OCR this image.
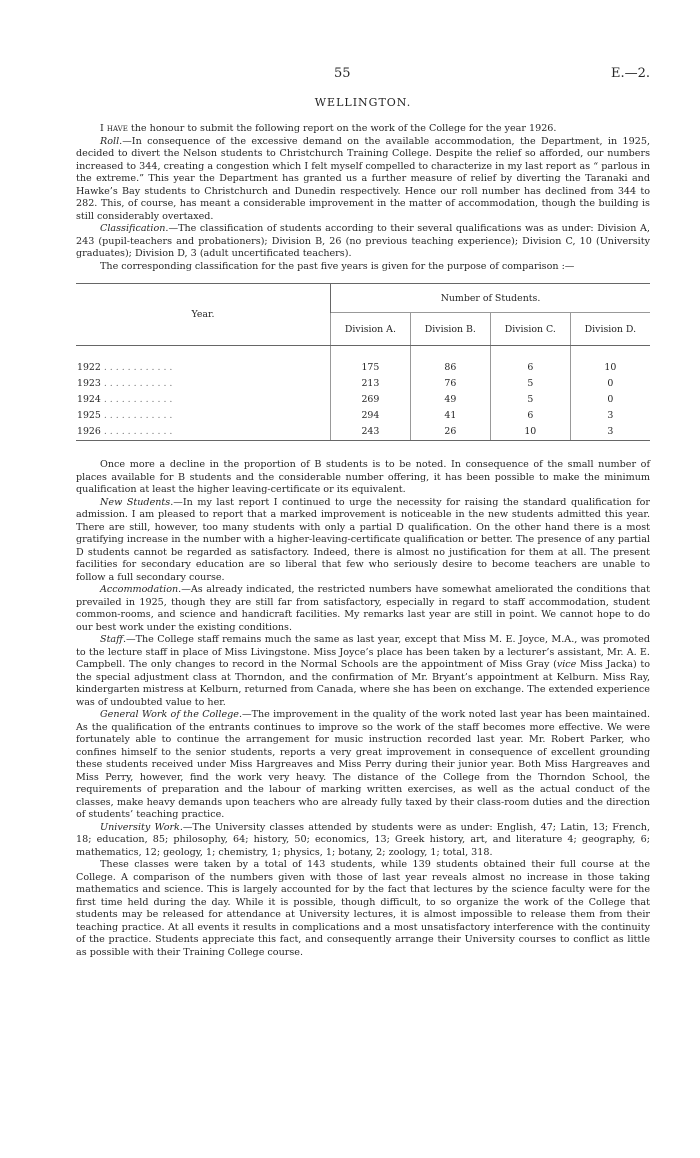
55	E.—2.
WELLINGTON.

I have the honour to submit the following report on the work of the College for the year 1926.

Roll.—In consequence of the excessive demand on the available accommodation, the Department, in 1925, decided to divert the Nelson students to Christchurch Training College. Despite the relief so afforded, our numbers increased to 344, creating a congestion which I felt myself compelled to characterize in my last report as “ parlous in the extreme.” This year the Department has granted us a further measure of relief by diverting the Taranaki and Hawke’s Bay students to Christchurch and Dunedin respectively. Hence our roll number has declined from 344 to 282. This, of course, has meant a considerable improvement in the matter of accommodation, though the building is still considerably overtaxed.

Classification.—The classification of students according to their several qualifications was as under: Division A, 243 (pupil-teachers and probationers); Division B, 26 (no previous teaching experience); Division C, 10 (University graduates); Division D, 3 (adult uncertificated teachers).

The corresponding classification for the past five years is given for the purpose of comparison :—

Year.	Number of Students.			
	Division A.	Division B.	Division C.	Division D.
1922 . . . . . . . . . . . .	175	86	6	10
1923 . . . . . . . . . . . .	213	76	5	0
1924 . . . . . . . . . . . .	269	49	5	0
1925 . . . . . . . . . . . .	294	41	6	3
1926 . . . . . . . . . . . .	243	26	10	3

Once more a decline in the proportion of B students is to be noted. In consequence of the small number of places available for B students and the considerable number offering, it has been possible to make the minimum qualification at least the higher leaving-certificate or its equivalent.

New Students.—In my last report I continued to urge the necessity for raising the standard qualification for admission. I am pleased to report that a marked improvement is noticeable in the new students admitted this year. There are still, however, too many students with only a partial D qualification. On the other hand there is a most gratifying increase in the number with a higher-leaving-certificate qualification or better. The presence of any partial D students cannot be regarded as satisfactory. Indeed, there is almost no justification for them at all. The present facilities for secondary education are so liberal that few who seriously desire to become teachers are unable to follow a full secondary course.

Accommodation.—As already indicated, the restricted numbers have somewhat ameliorated the conditions that prevailed in 1925, though they are still far from satisfactory, especially in regard to staff accommodation, student common-rooms, and science and handicraft facilities. My remarks last year are still in point. We cannot hope to do our best work under the existing conditions.

Staff.—The College staff remains much the same as last year, except that Miss M. E. Joyce, M.A., was promoted to the lecture staff in place of Miss Livingstone. Miss Joyce’s place has been taken by a lecturer’s assistant, Mr. A. E. Campbell. The only changes to record in the Normal Schools are the appointment of Miss Gray (vice Miss Jacka) to the special adjustment class at Thorndon, and the confirmation of Mr. Bryant’s appointment at Kelburn. Miss Ray, kindergarten mistress at Kelburn, returned from Canada, where she has been on exchange. The extended experience was of undoubted value to her.

General Work of the College.—The improvement in the quality of the work noted last year has been maintained. As the qualification of the entrants continues to improve so the work of the staff becomes more effective. We were fortunately able to continue the arrangement for music instruction recorded last year. Mr. Robert Parker, who confines himself to the senior students, reports a very great improvement in consequence of excellent grounding these students received under Miss Hargreaves and Miss Perry during their junior year. Both Miss Hargreaves and Miss Perry, however, find the work very heavy. The distance of the College from the Thorndon School, the requirements of preparation and the labour of marking written exercises, as well as the actual conduct of the classes, make heavy demands upon teachers who are already fully taxed by their class-room duties and the direction of students’ teaching practice.

University Work.—The University classes attended by students were as under: English, 47; Latin, 13; French, 18; education, 85; philosophy, 64; history, 50; economics, 13; Greek history, art, and literature 4; geography, 6; mathematics, 12; geology, 1; chemistry, 1; physics, 1; botany, 2; zoology, 1; total, 318.

These classes were taken by a total of 143 students, while 139 students obtained their full course at the College. A comparison of the numbers given with those of last year reveals almost no increase in those taking mathematics and science. This is largely accounted for by the fact that lectures by the science faculty were for the first time held during the day. While it is possible, though difficult, to so organize the work of the College that students may be released for attendance at University lectures, it is almost impossible to release them from their teaching practice. At all events it results in complications and a most unsatisfactory interference with the continuity of the practice. Students appreciate this fact, and consequently arrange their University courses to conflict as little as possible with their Training College course.
